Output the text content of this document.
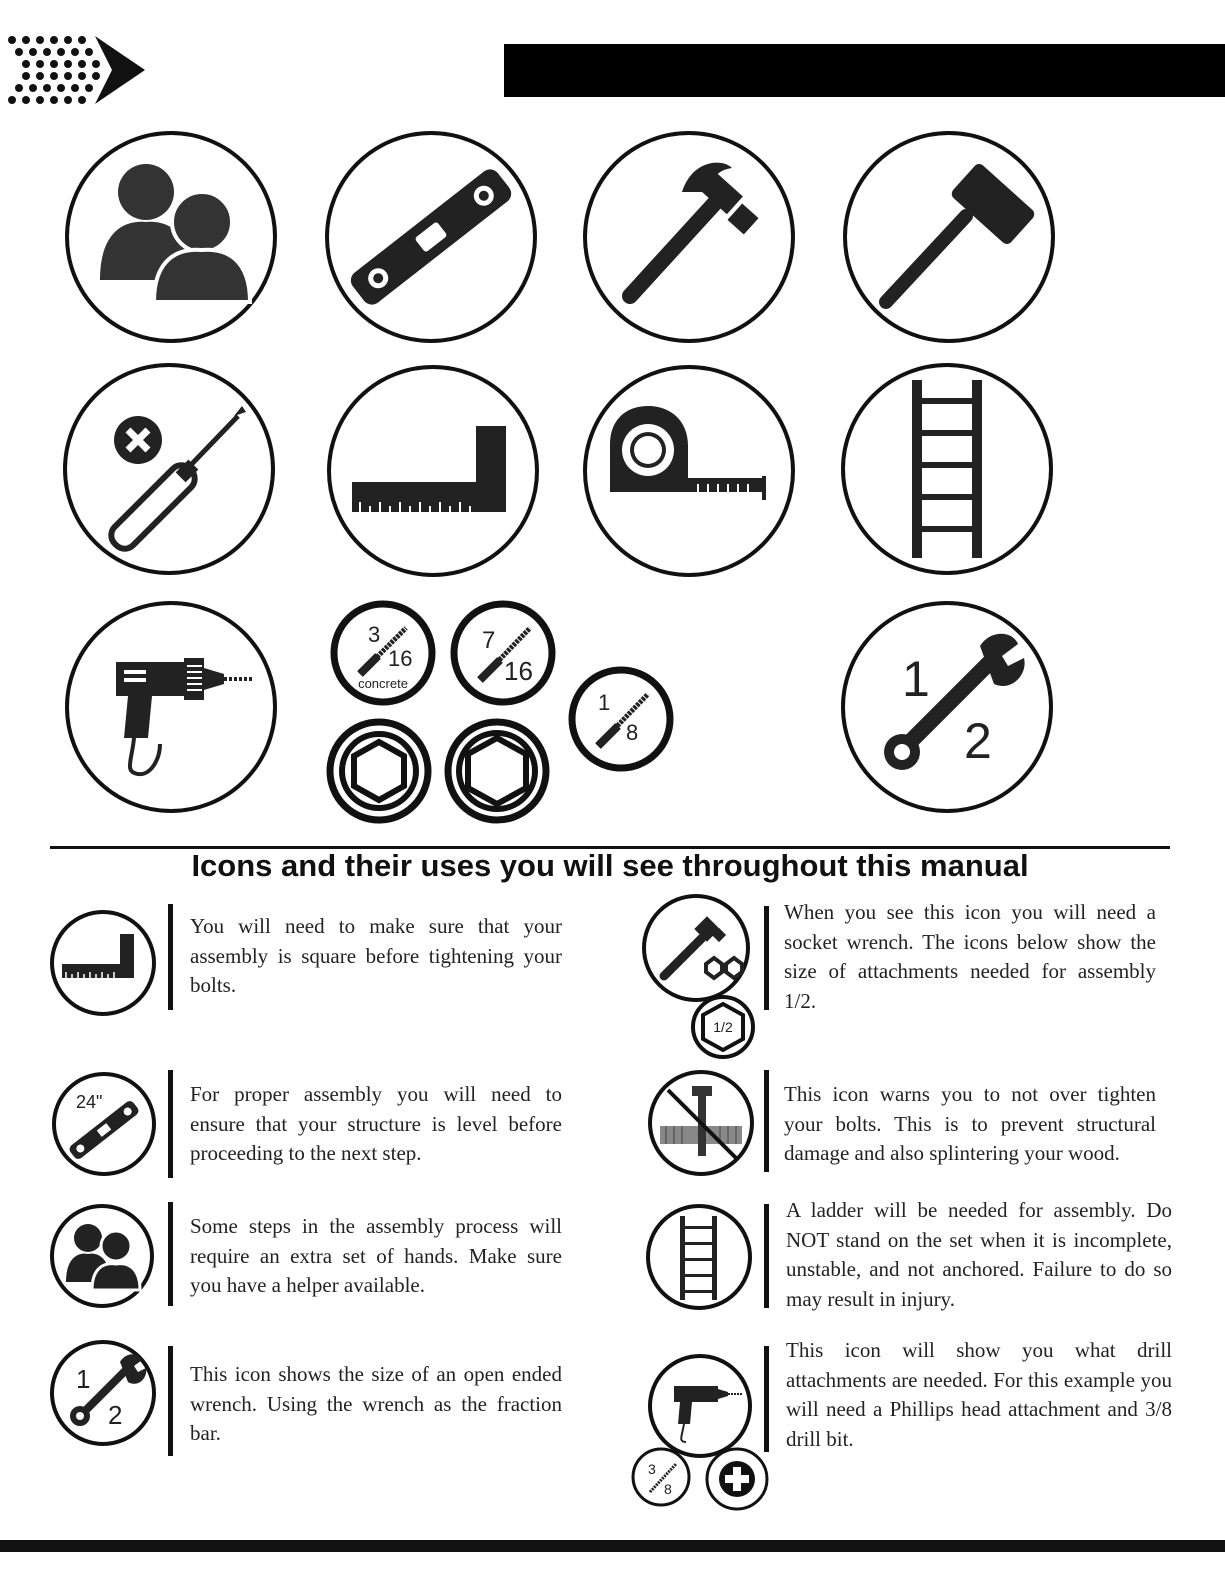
3
16
concrete
7
16
1
8
1
2
Icons and their uses you will see throughout this manual

You will need to make sure that your assembly is square before tightening your bolts.

24"	For proper assembly you will need to ensure that your structure is level before proceeding to the next step.

Some steps in the assembly process will require an extra set of hands. Make sure you have a helper available.

1
2

This icon shows the size of an open ended wrench. Using the wrench as the fraction bar.

1/2

When you see this icon you will need a socket wrench. The icons below show the size of attachments needed for assembly 1/2.

This icon warns you to not over tighten your bolts. This is to prevent structural damage and also splintering your wood.

A ladder will be needed for assembly. Do NOT stand on the set when it is incomplete, unstable, and not anchored. Failure to do so may result in injury.

3
8

This icon will show you what drill attachments are needed. For this example you will need a Phillips head attachment and 3/8 drill bit.
